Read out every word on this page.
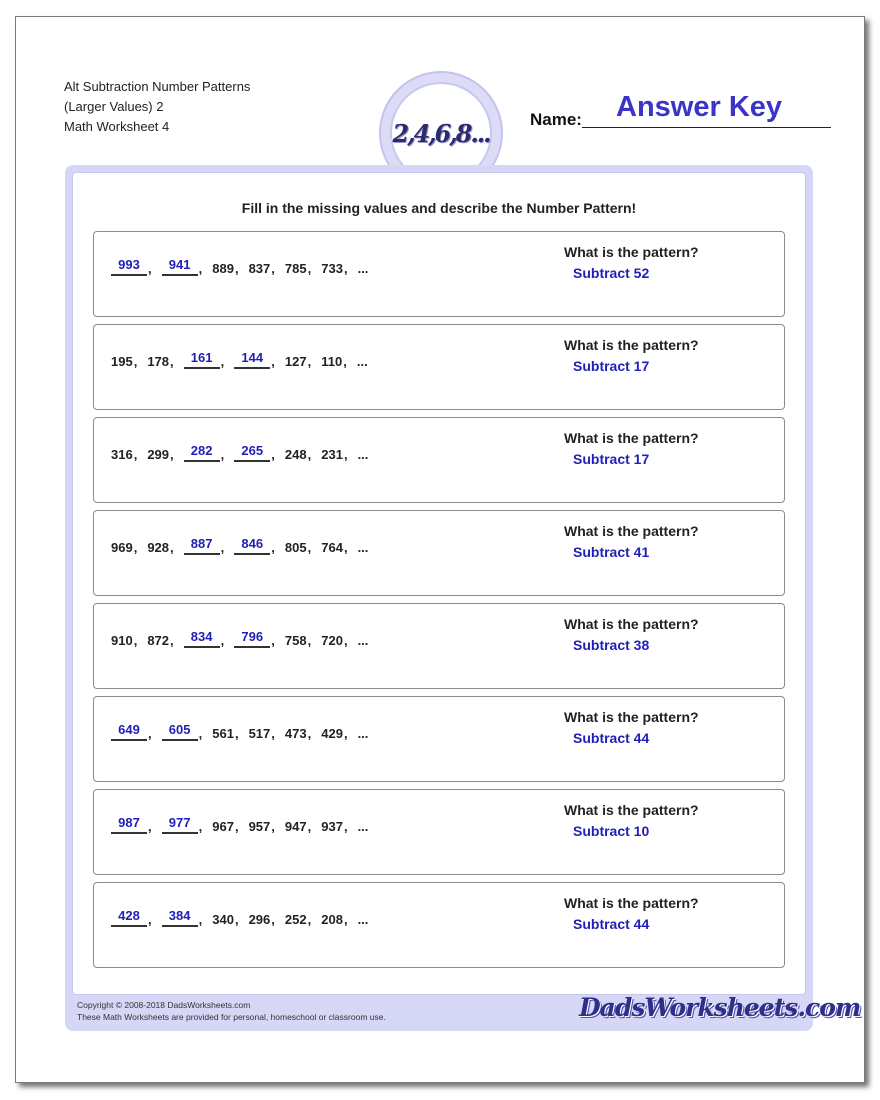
Alt Subtraction Number Patterns
(Larger Values) 2
Math Worksheet 4	2,4,6,8... Name: Answer Key
Fill in the missing values and describe the Number Pattern!
993 ,	941 , 889 , 837 , 785 , 733 , ...
What is the pattern?
Subtract 52
195 , 178 ,	161 ,	144 , 127 , 110 , ...
What is the pattern?
Subtract 17
316 , 299 ,	282 ,	265 , 248 , 231 , ...
What is the pattern?
Subtract 17
969 , 928 ,	887 ,	846 , 805 , 764 , ...
What is the pattern?
Subtract 41
910 , 872 ,	834 ,	796 , 758 , 720 , ...
What is the pattern?
Subtract 38
649 ,	605 , 561 , 517 , 473 , 429 , ...
What is the pattern?
Subtract 44
987 ,	977 , 967 , 957 , 947 , 937 , ...
What is the pattern?
Subtract 10
428 ,	384 , 340 , 296 , 252 , 208 , ...
What is the pattern?
Subtract 44
Copyright © 2008-2018 DadsWorksheets.com
These Math Worksheets are provided for personal, homeschool or classroom use.	DadsWorksheets.com
